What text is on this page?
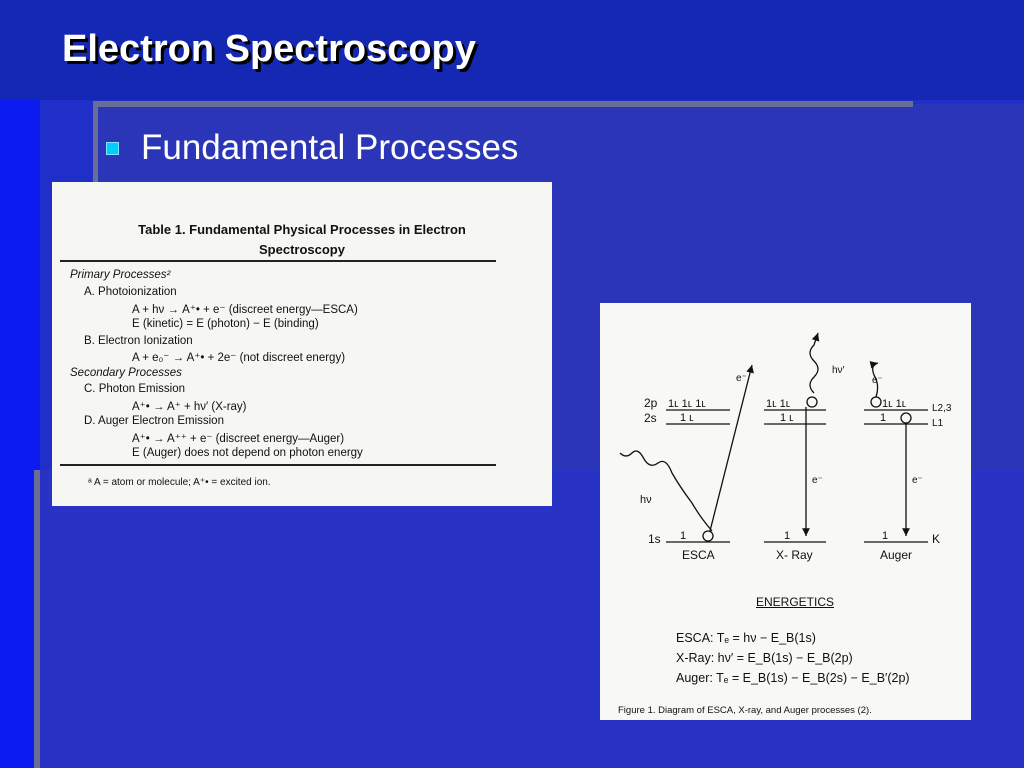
Electron Spectroscopy
Fundamental Processes
Table 1. Fundamental Physical Processes in Electron
Spectroscopy
Primary Processes²
A. Photoionization
A + hν → A⁺• + e⁻ (discreet energy—ESCA)
E (kinetic) = E (photon) − E (binding)
B. Electron Ionization
A + e₀⁻ → A⁺• + 2e⁻ (not discreet energy)
Secondary Processes
C. Photon Emission
A⁺• → A⁺ + hν′ (X-ray)
D. Auger Electron Emission
A⁺• → A⁺⁺ + e⁻ (discreet energy—Auger)
E (Auger) does not depend on photon energy
ᵃ A = atom or molecule; A⁺• = excited ion.
1ʟ 1ʟ 1ʟ
1 ʟ
1
1ʟ 1ʟ
1 ʟ
1
1ʟ 1ʟ
1
1
2p
2s
1s
L2,3
L1
K
e⁻
hν
hν′
e⁻
e⁻
e⁻
ESCA	X- Ray	Auger
ENERGETICS
ESCA: Tₑ = hν − E_B(1s)
X-Ray: hν′ = E_B(1s) − E_B(2p)
Auger: Tₑ = E_B(1s) − E_B(2s) − E_B′(2p)
Figure 1. Diagram of ESCA, X-ray, and Auger processes (2).
